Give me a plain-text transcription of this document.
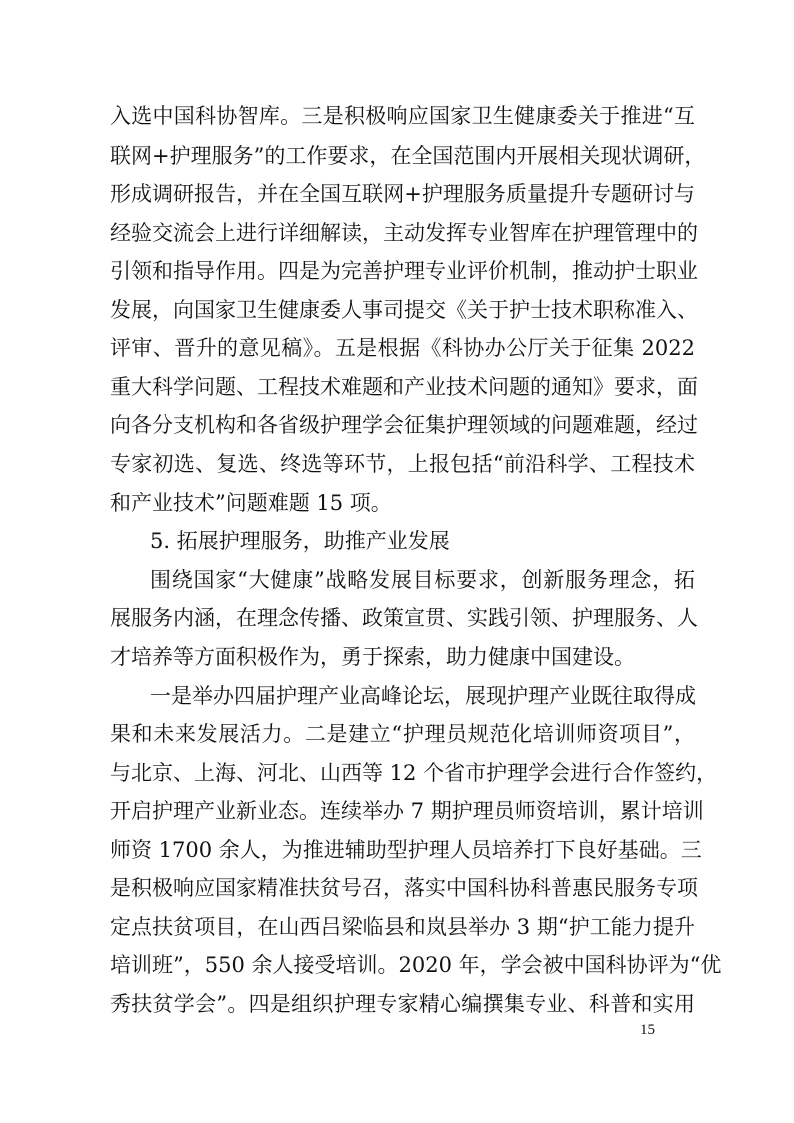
入选中国科协智库。三是积极响应国家卫生健康委关于推进“互
联网+护理服务”的工作要求，在全国范围内开展相关现状调研，
形成调研报告，并在全国互联网+护理服务质量提升专题研讨与
经验交流会上进行详细解读，主动发挥专业智库在护理管理中的
引领和指导作用。四是为完善护理专业评价机制，推动护士职业
发展，向国家卫生健康委人事司提交《关于护士技术职称准入、
评审、晋升的意见稿》。五是根据《科协办公厅关于征集 2022
重大科学问题、工程技术难题和产业技术问题的通知》要求，面
向各分支机构和各省级护理学会征集护理领域的问题难题，经过
专家初选、复选、终选等环节，上报包括“前沿科学、工程技术
和产业技术”问题难题 15 项。
5. 拓展护理服务，助推产业发展
围绕国家“大健康”战略发展目标要求，创新服务理念，拓
展服务内涵，在理念传播、政策宣贯、实践引领、护理服务、人
才培养等方面积极作为，勇于探索，助力健康中国建设。
一是举办四届护理产业高峰论坛，展现护理产业既往取得成
果和未来发展活力。二是建立“护理员规范化培训师资项目”，
与北京、上海、河北、山西等 12 个省市护理学会进行合作签约，
开启护理产业新业态。连续举办 7 期护理员师资培训，累计培训
师资 1700 余人，为推进辅助型护理人员培养打下良好基础。三
是积极响应国家精准扶贫号召，落实中国科协科普惠民服务专项
定点扶贫项目，在山西吕梁临县和岚县举办 3 期“护工能力提升
培训班”，550 余人接受培训。2020 年，学会被中国科协评为“优
秀扶贫学会”。四是组织护理专家精心编撰集专业、科普和实用
15
